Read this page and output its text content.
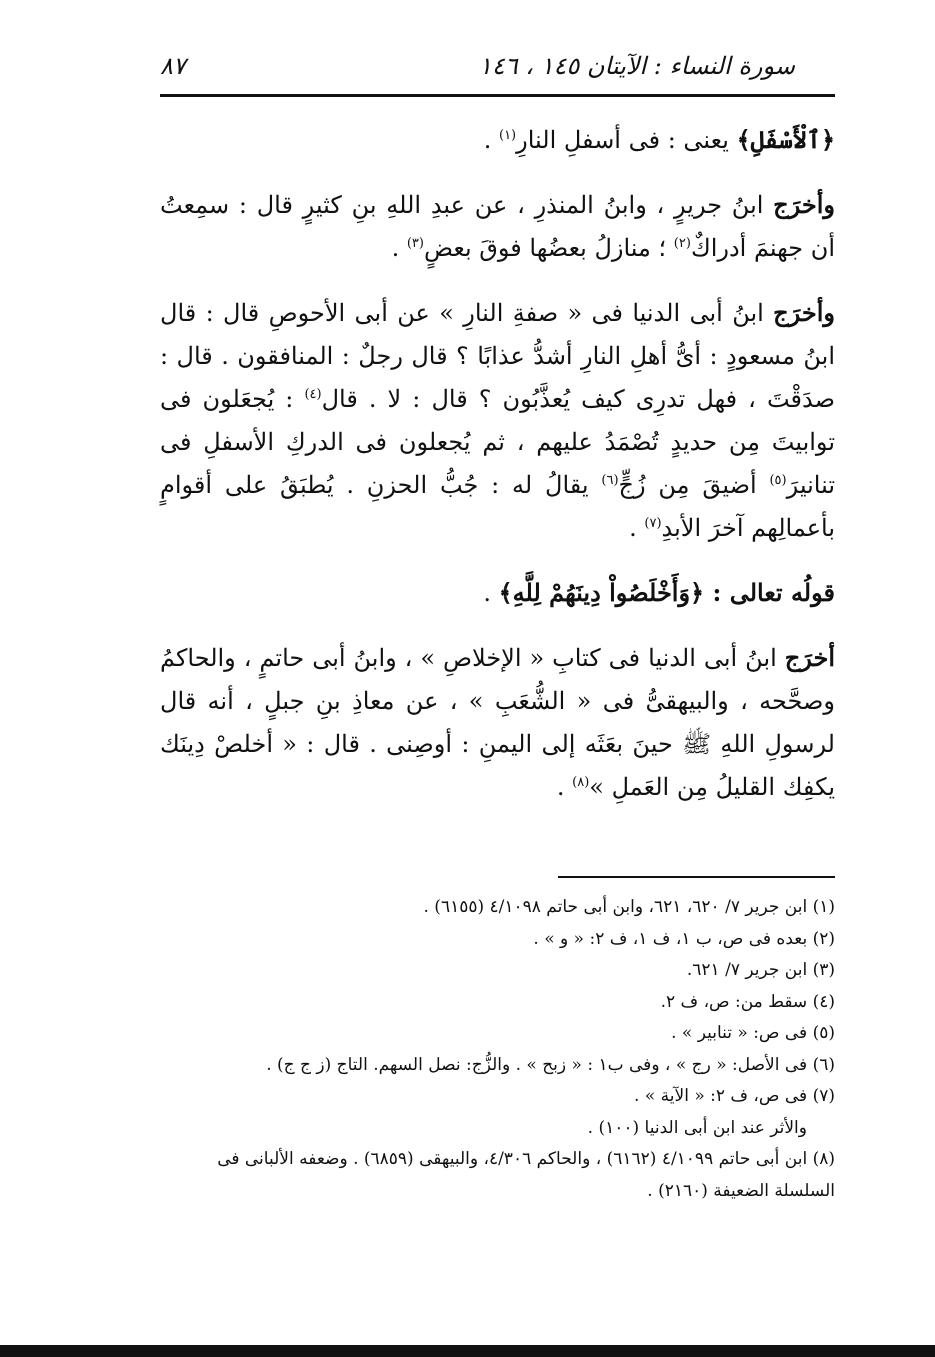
سورة النساء : الآيتان ١٤٥ ، ١٤٦
٨٧

﴿ٱلْأَسْفَلِ﴾ يعنى : فى أسفلِ النارِ$^{(١)}$ .

وأخرَج ابنُ جريرٍ ، وابنُ المنذرِ ، عن عبدِ اللهِ بنِ كثيرٍ قال : سمِعتُ أن جهنمَ أدراكٌ$^{(٢)}$ ؛ منازلُ بعضُها فوقَ بعضٍ$^{(٣)}$ .

وأخرَج ابنُ أبى الدنيا فى « صفةِ النارِ » عن أبى الأحوصِ قال : قال ابنُ مسعودٍ : أىُّ أهلِ النارِ أشدُّ عذابًا ؟ قال رجلٌ : المنافقون . قال : صدَقْتَ ، فهل تدرِى كيف يُعذَّبُون ؟ قال : لا . قال$^{(٤)}$ : يُجعَلون فى توابيتَ مِن حديدٍ تُصْمَدُ عليهم ، ثم يُجعلون فى الدركِ الأسفلِ فى تنانيرَ$^{(٥)}$ أضيقَ مِن زُجٍّ$^{(٦)}$ يقالُ له : جُبُّ الحزنِ . يُطبَقُ على أقوامٍ بأعمالِهم آخرَ الأبدِ$^{(٧)}$ .

قولُه تعالى : ﴿وَأَخْلَصُواْ دِينَهُمْ لِلَّهِ﴾ .

أخرَج ابنُ أبى الدنيا فى كتابِ « الإخلاصِ » ، وابنُ أبى حاتمٍ ، والحاكمُ وصحَّحه ، والبيهقىُّ فى « الشُّعَبِ » ، عن معاذِ بنِ جبلٍ ، أنه قال لرسولِ اللهِ ﷺ حينَ بعَثَه إلى اليمنِ : أوصِنى . قال : « أخلصْ دِينَك يكفِك القليلُ مِن العَملِ »$^{(٨)}$ .

(١) ابن جرير ٧/ ٦٢٠، ٦٢١، وابن أبى حاتم ٤/١٠٩٨ (٦١٥٥) .

(٢) بعده فى ص، ب ١، ف ١، ف ٢: « و » .

(٣) ابن جرير ٧/ ٦٢١.

(٤) سقط من: ص، ف ٢.

(٥) فى ص: « تنابير » .

(٦) فى الأصل: « رج » ، وفى ب١ : « زبح » . والزُّج: نصل السهم. التاج (ز ج ج) .

(٧) فى ص، ف ٢: « الآية » .

والأثر عند ابن أبى الدنيا (١٠٠) .

(٨) ابن أبى حاتم ٤/١٠٩٩ (٦١٦٢) ، والحاكم ٤/٣٠٦، والبيهقى (٦٨٥٩) . وضعفه الألبانى فى السلسلة الضعيفة (٢١٦٠) .
